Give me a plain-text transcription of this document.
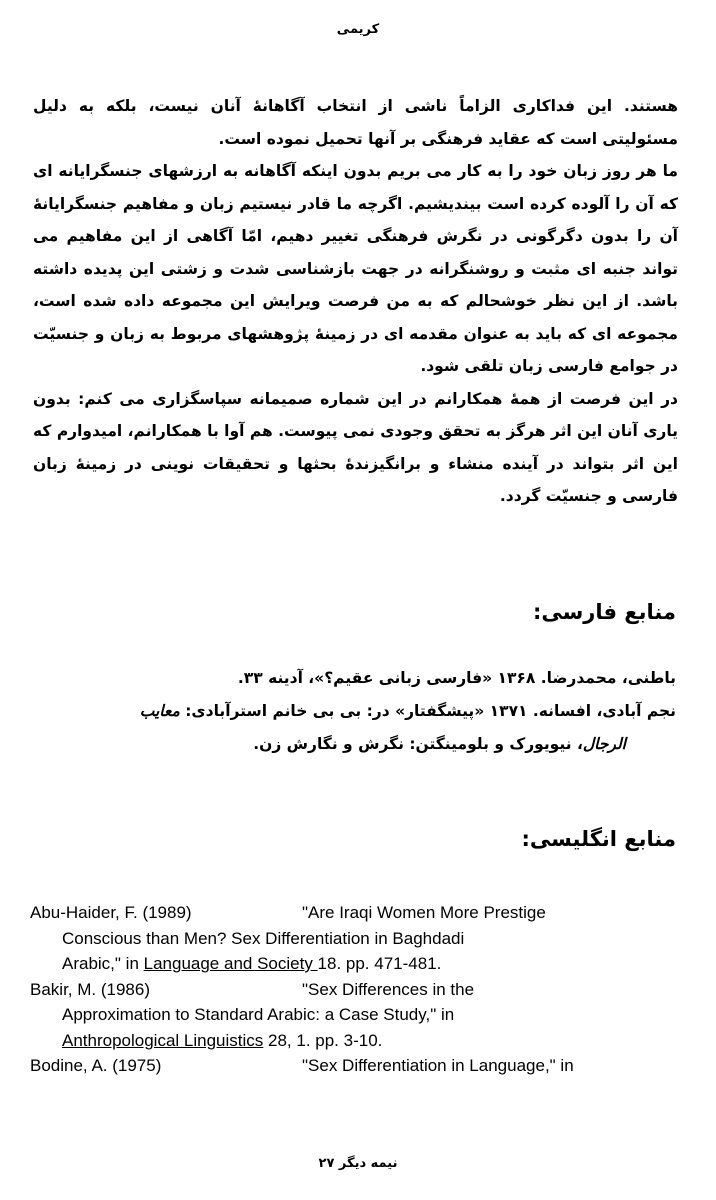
کریمی

هستند. این فداکاری الزاماً ناشی از انتخاب آگاهانهٔ آنان نیست، بلکه به دلیل مسئولیتی است که عقاید فرهنگی بر آنها تحمیل نموده است.

ما هر روز زبان خود را به کار می بریم بدون اینکه آگاهانه به ارزشهای جنسگرایانه ای که آن را آلوده کرده است بیندیشیم. اگرچه ما قادر نیستیم زبان و مفاهیم جنسگرایانهٔ آن را بدون دگرگونی در نگرش فرهنگی تغییر دهیم، امّا آگاهی از این مفاهیم می تواند جنبه ای مثبت و روشنگرانه در جهت بازشناسی شدت و زشتی این پدیده داشته باشد. از این نظر خوشحالم که به من فرصت ویرایش این مجموعه داده شده است، مجموعه ای که باید به عنوان مقدمه ای در زمینهٔ پژوهشهای مربوط به زبان و جنسیّت در جوامع فارسی زبان تلقی شود.

در این فرصت از همهٔ همکارانم در این شماره صمیمانه سپاسگزاری می کنم: بدون یاری آنان این اثر هرگز به تحقق وجودی نمی پیوست. هم آوا با همکارانم، امیدوارم که این اثر بتواند در آینده منشاء و برانگیزندهٔ بحثها و تحقیقات نوینی در زمینهٔ زبان فارسی و جنسیّت گردد.

منابع فارسی:

باطنی، محمدرضا. ۱۳۶۸ «فارسی زبانی عقیم؟»، آدینه ۳۳.

نجم آبادی، افسانه. ۱۳۷۱ «پیشگفتار» در: بی بی خانم استرآبادی: معایب
الرجال، نیویورک و بلومینگتن: نگرش و نگارش زن.

منابع انگلیسی:
Abu-Haider, F. (1989)	"Are Iraqi Women More Prestige
Conscious than Men? Sex Differentiation in Baghdadi
Arabic," in Language and Society 18. pp. 471-481.
Bakir, M. (1986)	"Sex Differences in the
Approximation to Standard Arabic: a Case Study," in
Anthropological Linguistics 28, 1. pp. 3-10.
Bodine, A. (1975)	"Sex Differentiation in Language," in
نیمه دیگر ۲۷
